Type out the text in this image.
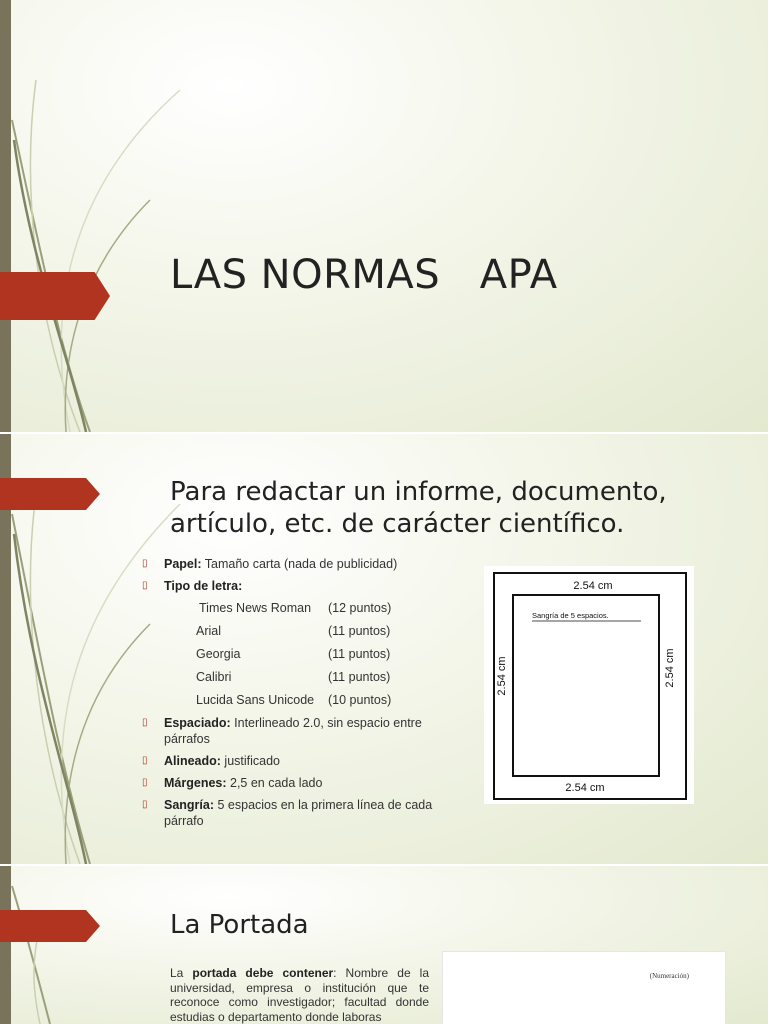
LAS NORMAS   APA
Para redactar un informe, documento, artículo, etc. de carácter científico.
▯ Papel: Tamaño carta (nada de publicidad)
▯ Tipo de letra:
Times News Roman	(12 puntos)
Arial	(11 puntos)
Georgia	(11 puntos)
Calibri	(11 puntos)
Lucida Sans Unicode	(10 puntos)
▯ Espaciado: Interlineado 2.0, sin espacio entre párrafos
▯ Alineado: justificado
▯ Márgenes: 2,5 en cada lado
▯ Sangría: 5 espacios en la primera línea de cada párrafo
2.54 cm
2.54 cm
2.54 cm	2.54 cm
Sangría de 5 espacios.
La Portada
La portada debe contener: Nombre de la universidad, empresa o institución que te reconoce como investigador; facultad donde estudias o departamento donde laboras
(Numeración)
